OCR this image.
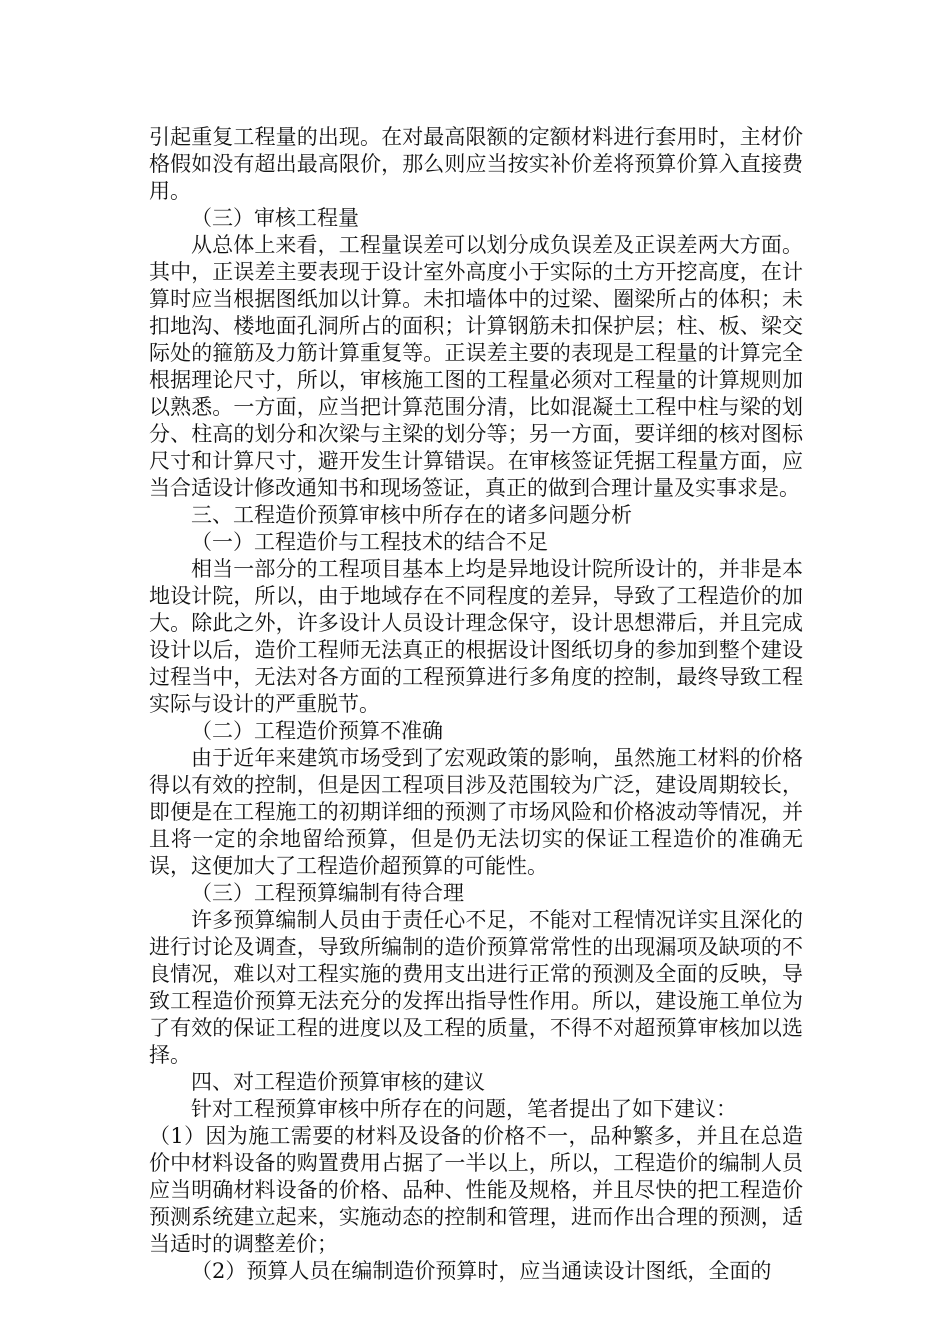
引起重复工程量的出现。在对最高限额的定额材料进行套用时，主材价格假如没有超出最高限价，那么则应当按实补价差将预算价算入直接费用。

（三）审核工程量

从总体上来看，工程量误差可以划分成负误差及正误差两大方面。其中，正误差主要表现于设计室外高度小于实际的土方开挖高度，在计算时应当根据图纸加以计算。未扣墙体中的过梁、圈梁所占的体积；未扣地沟、楼地面孔洞所占的面积；计算钢筋未扣保护层；柱、板、梁交际处的箍筋及力筋计算重复等。正误差主要的表现是工程量的计算完全根据理论尺寸，所以，审核施工图的工程量必须对工程量的计算规则加以熟悉。一方面，应当把计算范围分清，比如混凝土工程中柱与梁的划分、柱高的划分和次梁与主梁的划分等；另一方面，要详细的核对图标尺寸和计算尺寸，避开发生计算错误。在审核签证凭据工程量方面，应当合适设计修改通知书和现场签证，真正的做到合理计量及实事求是。

三、工程造价预算审核中所存在的诸多问题分析

（一）工程造价与工程技术的结合不足

相当一部分的工程项目基本上均是异地设计院所设计的，并非是本地设计院，所以，由于地域存在不同程度的差异，导致了工程造价的加大。除此之外，许多设计人员设计理念保守，设计思想滞后，并且完成设计以后，造价工程师无法真正的根据设计图纸切身的参加到整个建设过程当中，无法对各方面的工程预算进行多角度的控制，最终导致工程实际与设计的严重脱节。

（二）工程造价预算不准确

由于近年来建筑市场受到了宏观政策的影响，虽然施工材料的价格得以有效的控制，但是因工程项目涉及范围较为广泛，建设周期较长，即便是在工程施工的初期详细的预测了市场风险和价格波动等情况，并且将一定的余地留给预算，但是仍无法切实的保证工程造价的准确无误，这便加大了工程造价超预算的可能性。

（三）工程预算编制有待合理

许多预算编制人员由于责任心不足，不能对工程情况详实且深化的进行讨论及调查，导致所编制的造价预算常常性的出现漏项及缺项的不良情况，难以对工程实施的费用支出进行正常的预测及全面的反映，导致工程造价预算无法充分的发挥出指导性作用。所以，建设施工单位为了有效的保证工程的进度以及工程的质量，不得不对超预算审核加以选择。

四、对工程造价预算审核的建议

针对工程预算审核中所存在的问题，笔者提出了如下建议：

（1）因为施工需要的材料及设备的价格不一，品种繁多，并且在总造价中材料设备的购置费用占据了一半以上，所以，工程造价的编制人员应当明确材料设备的价格、品种、性能及规格，并且尽快的把工程造价预测系统建立起来，实施动态的控制和管理，进而作出合理的预测，适当适时的调整差价；

（2）预算人员在编制造价预算时，应当通读设计图纸，全面的
